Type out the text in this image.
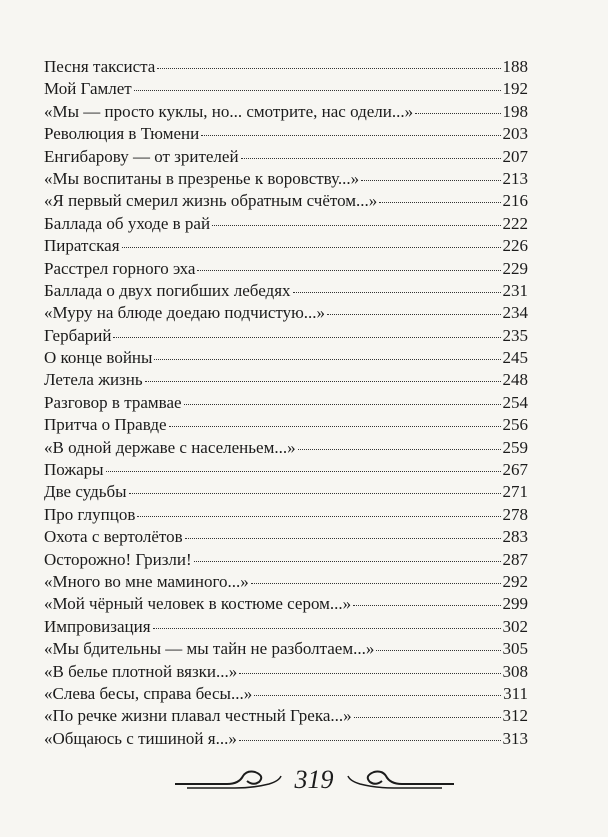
Песня таксиста	188
Мой Гамлет	192
«Мы — просто куклы, но... смотрите, нас одели...»	198
Революция в Тюмени	203
Енгибарову — от зрителей	207
«Мы воспитаны в презренье к воровству...»	213
«Я первый смерил жизнь обратным счётом...»	216
Баллада об уходе в рай	222
Пиратская	226
Расстрел горного эха	229
Баллада о двух погибших лебедях	231
«Муру на блюде доедаю подчистую...»	234
Гербарий	235
О конце войны	245
Летела жизнь	248
Разговор в трамвае	254
Притча о Правде	256
«В одной державе с населеньем...»	259
Пожары	267
Две судьбы	271
Про глупцов	278
Охота с вертолётов	283
Осторожно! Гризли!	287
«Много во мне маминого...»	292
«Мой чёрный человек в костюме сером...»	299
Импровизация	302
«Мы бдительны — мы тайн не разболтаем...»	305
«В белье плотной вязки...»	308
«Слева бесы, справа бесы...»	311
«По речке жизни плавал честный Грека...»	312
«Общаюсь с тишиной я...»	313
319
